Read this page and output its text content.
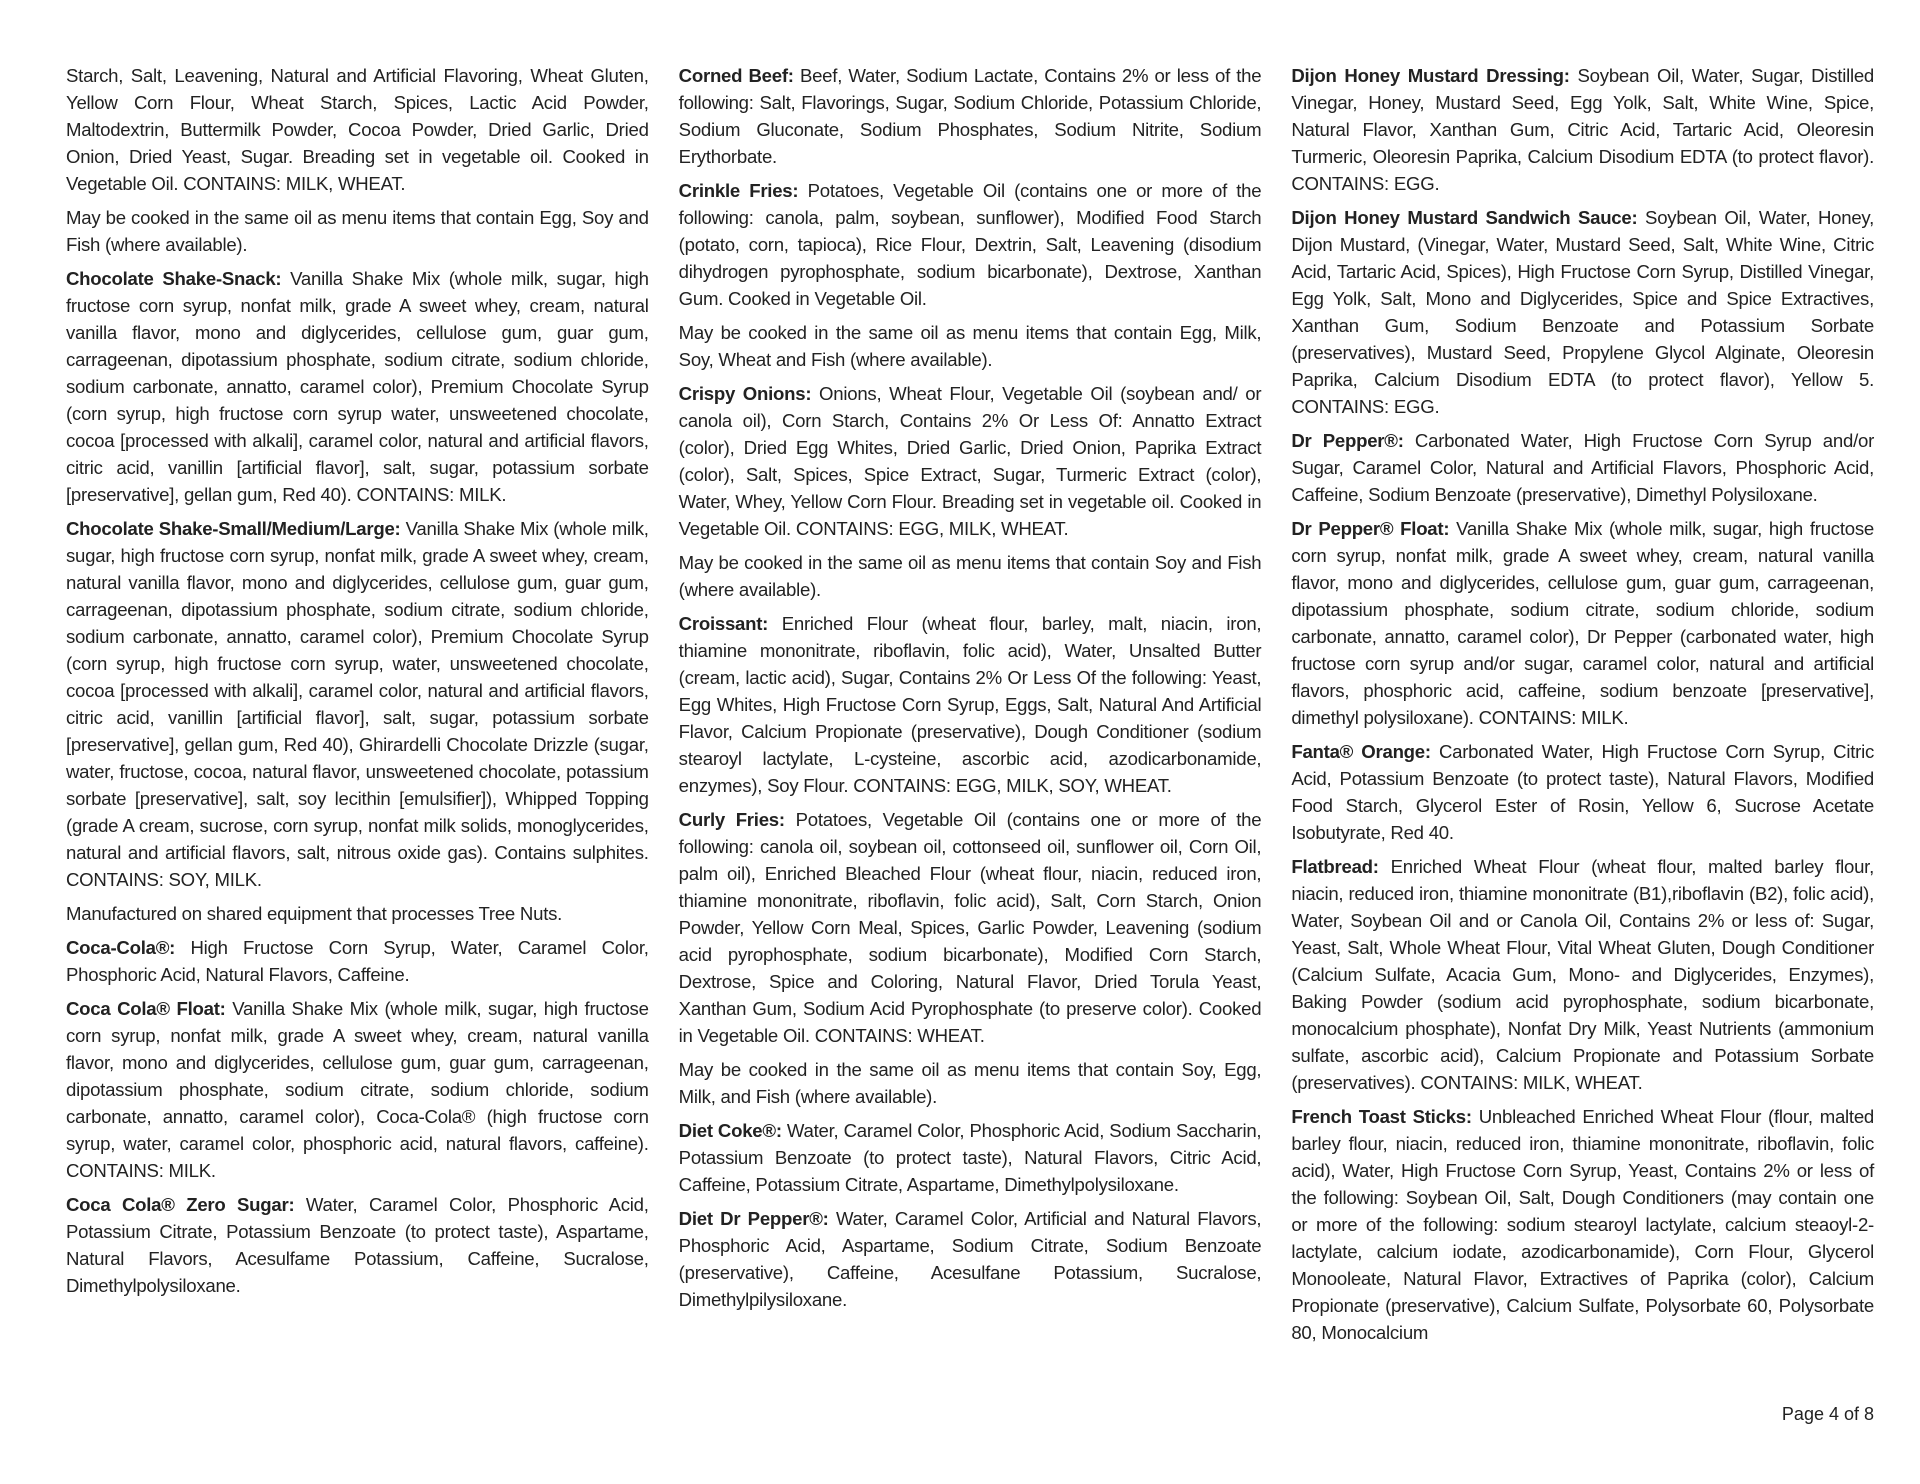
Starch, Salt, Leavening, Natural and Artificial Flavoring, Wheat Gluten, Yellow Corn Flour, Wheat Starch, Spices, Lactic Acid Powder, Maltodextrin, Buttermilk Powder, Cocoa Powder, Dried Garlic, Dried Onion, Dried Yeast, Sugar. Breading set in vegetable oil. Cooked in Vegetable Oil. CONTAINS: MILK, WHEAT.

May be cooked in the same oil as menu items that contain Egg, Soy and Fish (where available).

Chocolate Shake-Snack: Vanilla Shake Mix (whole milk, sugar, high fructose corn syrup, nonfat milk, grade A sweet whey, cream, natural vanilla flavor, mono and diglycerides, cellulose gum, guar gum, carrageenan, dipotassium phosphate, sodium citrate, sodium chloride, sodium carbonate, annatto, caramel color), Premium Chocolate Syrup (corn syrup, high fructose corn syrup water, unsweetened chocolate, cocoa [processed with alkali], caramel color, natural and artificial flavors, citric acid, vanillin [artificial flavor], salt, sugar, potassium sorbate [preservative], gellan gum, Red 40). CONTAINS: MILK.

Chocolate Shake-Small/Medium/Large: Vanilla Shake Mix (whole milk, sugar, high fructose corn syrup, nonfat milk, grade A sweet whey, cream, natural vanilla flavor, mono and diglycerides, cellulose gum, guar gum, carrageenan, dipotassium phosphate, sodium citrate, sodium chloride, sodium carbonate, annatto, caramel color), Premium Chocolate Syrup (corn syrup, high fructose corn syrup, water, unsweetened chocolate, cocoa [processed with alkali], caramel color, natural and artificial flavors, citric acid, vanillin [artificial flavor], salt, sugar, potassium sorbate [preservative], gellan gum, Red 40), Ghirardelli Chocolate Drizzle (sugar, water, fructose, cocoa, natural flavor, unsweetened chocolate, potassium sorbate [preservative], salt, soy lecithin [emulsifier]), Whipped Topping (grade A cream, sucrose, corn syrup, nonfat milk solids, monoglycerides, natural and artificial flavors, salt, nitrous oxide gas). Contains sulphites. CONTAINS: SOY, MILK.

Manufactured on shared equipment that processes Tree Nuts.

Coca-Cola®: High Fructose Corn Syrup, Water, Caramel Color, Phosphoric Acid, Natural Flavors, Caffeine.

Coca Cola® Float: Vanilla Shake Mix (whole milk, sugar, high fructose corn syrup, nonfat milk, grade A sweet whey, cream, natural vanilla flavor, mono and diglycerides, cellulose gum, guar gum, carrageenan, dipotassium phosphate, sodium citrate, sodium chloride, sodium carbonate, annatto, caramel color), Coca-Cola® (high fructose corn syrup, water, caramel color, phosphoric acid, natural flavors, caffeine). CONTAINS: MILK.

Coca Cola® Zero Sugar: Water, Caramel Color, Phosphoric Acid, Potassium Citrate, Potassium Benzoate (to protect taste), Aspartame, Natural Flavors, Acesulfame Potassium, Caffeine, Sucralose, Dimethylpolysiloxane.

Corned Beef: Beef, Water, Sodium Lactate, Contains 2% or less of the following: Salt, Flavorings, Sugar, Sodium Chloride, Potassium Chloride, Sodium Gluconate, Sodium Phosphates, Sodium Nitrite, Sodium Erythorbate.

Crinkle Fries: Potatoes, Vegetable Oil (contains one or more of the following: canola, palm, soybean, sunflower), Modified Food Starch (potato, corn, tapioca), Rice Flour, Dextrin, Salt, Leavening (disodium dihydrogen pyrophosphate, sodium bicarbonate), Dextrose, Xanthan Gum. Cooked in Vegetable Oil.

May be cooked in the same oil as menu items that contain Egg, Milk, Soy, Wheat and Fish (where available).

Crispy Onions: Onions, Wheat Flour, Vegetable Oil (soybean and/ or canola oil), Corn Starch, Contains 2% Or Less Of: Annatto Extract (color), Dried Egg Whites, Dried Garlic, Dried Onion, Paprika Extract (color), Salt, Spices, Spice Extract, Sugar, Turmeric Extract (color), Water, Whey, Yellow Corn Flour. Breading set in vegetable oil. Cooked in Vegetable Oil. CONTAINS: EGG, MILK, WHEAT.

May be cooked in the same oil as menu items that contain Soy and Fish (where available).

Croissant: Enriched Flour (wheat flour, barley, malt, niacin, iron, thiamine mononitrate, riboflavin, folic acid), Water, Unsalted Butter (cream, lactic acid), Sugar, Contains 2% Or Less Of the following: Yeast, Egg Whites, High Fructose Corn Syrup, Eggs, Salt, Natural And Artificial Flavor, Calcium Propionate (preservative), Dough Conditioner (sodium stearoyl lactylate, L-cysteine, ascorbic acid, azodicarbonamide, enzymes), Soy Flour. CONTAINS: EGG, MILK, SOY, WHEAT.

Curly Fries: Potatoes, Vegetable Oil (contains one or more of the following: canola oil, soybean oil, cottonseed oil, sunflower oil, Corn Oil, palm oil), Enriched Bleached Flour (wheat flour, niacin, reduced iron, thiamine mononitrate, riboflavin, folic acid), Salt, Corn Starch, Onion Powder, Yellow Corn Meal, Spices, Garlic Powder, Leavening (sodium acid pyrophosphate, sodium bicarbonate), Modified Corn Starch, Dextrose, Spice and Coloring, Natural Flavor, Dried Torula Yeast, Xanthan Gum, Sodium Acid Pyrophosphate (to preserve color). Cooked in Vegetable Oil. CONTAINS: WHEAT.

May be cooked in the same oil as menu items that contain Soy, Egg, Milk, and Fish (where available).

Diet Coke®: Water, Caramel Color, Phosphoric Acid, Sodium Saccharin, Potassium Benzoate (to protect taste), Natural Flavors, Citric Acid, Caffeine, Potassium Citrate, Aspartame, Dimethylpolysiloxane.

Diet Dr Pepper®: Water, Caramel Color, Artificial and Natural Flavors, Phosphoric Acid, Aspartame, Sodium Citrate, Sodium Benzoate (preservative), Caffeine, Acesulfane Potassium, Sucralose, Dimethylpilysiloxane.

Dijon Honey Mustard Dressing: Soybean Oil, Water, Sugar, Distilled Vinegar, Honey, Mustard Seed, Egg Yolk, Salt, White Wine, Spice, Natural Flavor, Xanthan Gum, Citric Acid, Tartaric Acid, Oleoresin Turmeric, Oleoresin Paprika, Calcium Disodium EDTA (to protect flavor). CONTAINS: EGG.

Dijon Honey Mustard Sandwich Sauce: Soybean Oil, Water, Honey, Dijon Mustard, (Vinegar, Water, Mustard Seed, Salt, White Wine, Citric Acid, Tartaric Acid, Spices), High Fructose Corn Syrup, Distilled Vinegar, Egg Yolk, Salt, Mono and Diglycerides, Spice and Spice Extractives, Xanthan Gum, Sodium Benzoate and Potassium Sorbate (preservatives), Mustard Seed, Propylene Glycol Alginate, Oleoresin Paprika, Calcium Disodium EDTA (to protect flavor), Yellow 5. CONTAINS: EGG.

Dr Pepper®: Carbonated Water, High Fructose Corn Syrup and/or Sugar, Caramel Color, Natural and Artificial Flavors, Phosphoric Acid, Caffeine, Sodium Benzoate (preservative), Dimethyl Polysiloxane.

Dr Pepper® Float: Vanilla Shake Mix (whole milk, sugar, high fructose corn syrup, nonfat milk, grade A sweet whey, cream, natural vanilla flavor, mono and diglycerides, cellulose gum, guar gum, carrageenan, dipotassium phosphate, sodium citrate, sodium chloride, sodium carbonate, annatto, caramel color), Dr Pepper (carbonated water, high fructose corn syrup and/or sugar, caramel color, natural and artificial flavors, phosphoric acid, caffeine, sodium benzoate [preservative], dimethyl polysiloxane). CONTAINS: MILK.

Fanta® Orange: Carbonated Water, High Fructose Corn Syrup, Citric Acid, Potassium Benzoate (to protect taste), Natural Flavors, Modified Food Starch, Glycerol Ester of Rosin, Yellow 6, Sucrose Acetate Isobutyrate, Red 40.

Flatbread: Enriched Wheat Flour (wheat flour, malted barley flour, niacin, reduced iron, thiamine mononitrate (B1),riboflavin (B2), folic acid), Water, Soybean Oil and or Canola Oil, Contains 2% or less of: Sugar, Yeast, Salt, Whole Wheat Flour, Vital Wheat Gluten, Dough Conditioner (Calcium Sulfate, Acacia Gum, Mono- and Diglycerides, Enzymes), Baking Powder (sodium acid pyrophosphate, sodium bicarbonate, monocalcium phosphate), Nonfat Dry Milk, Yeast Nutrients (ammonium sulfate, ascorbic acid), Calcium Propionate and Potassium Sorbate (preservatives). CONTAINS: MILK, WHEAT.

French Toast Sticks: Unbleached Enriched Wheat Flour (flour, malted barley flour, niacin, reduced iron, thiamine mononitrate, riboflavin, folic acid), Water, High Fructose Corn Syrup, Yeast, Contains 2% or less of the following: Soybean Oil, Salt, Dough Conditioners (may contain one or more of the following: sodium stearoyl lactylate, calcium steaoyl-2-lactylate, calcium iodate, azodicarbonamide), Corn Flour, Glycerol Monooleate, Natural Flavor, Extractives of Paprika (color), Calcium Propionate (preservative), Calcium Sulfate, Polysorbate 60, Polysorbate 80, Monocalcium

Page 4 of 8
